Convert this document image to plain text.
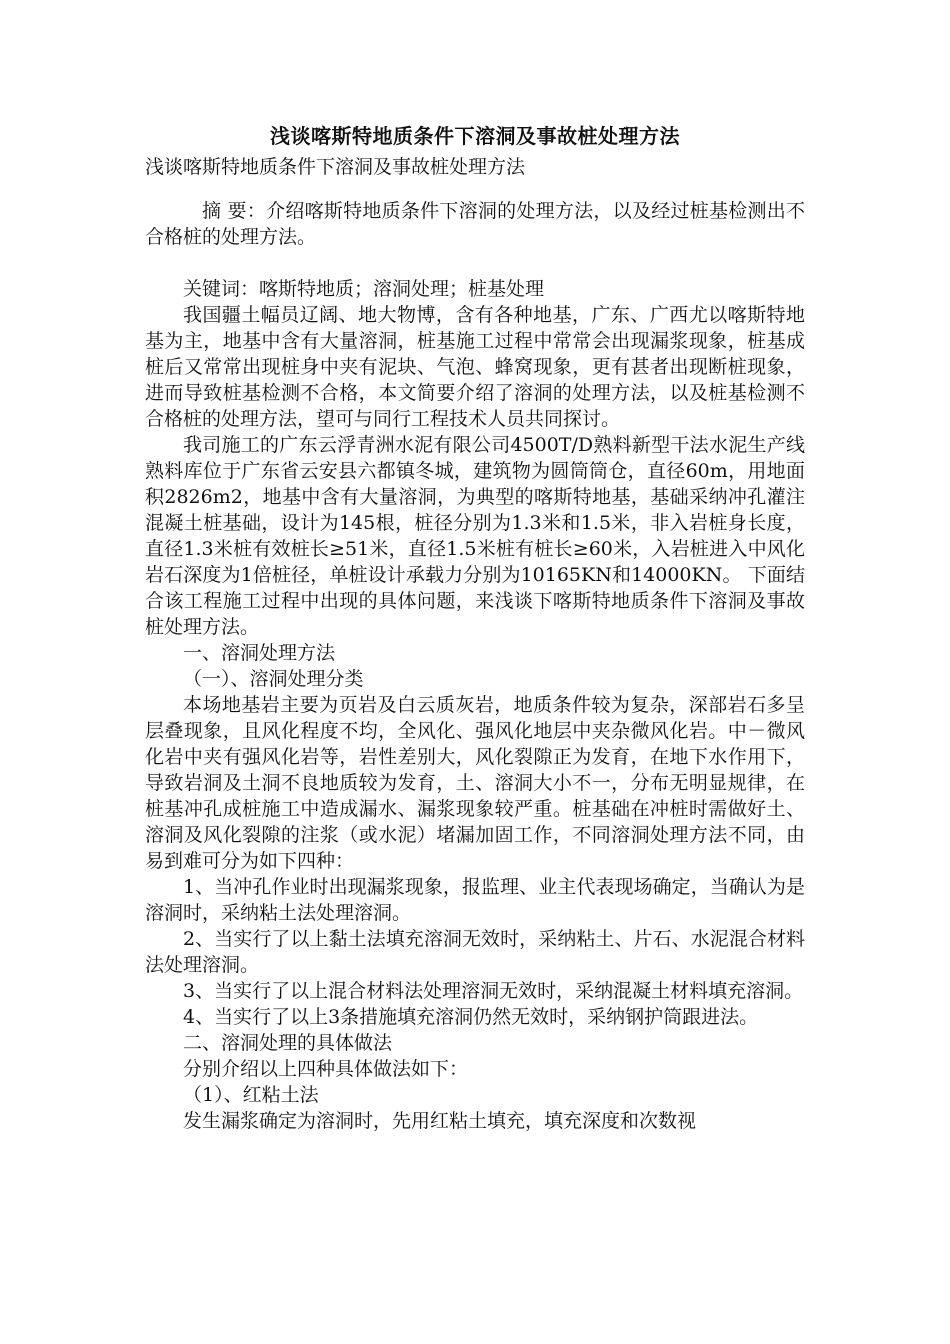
浅谈喀斯特地质条件下溶洞及事故桩处理方法

浅谈喀斯特地质条件下溶洞及事故桩处理方法

摘 要：介绍喀斯特地质条件下溶洞的处理方法，以及经过桩基检测出不合格桩的处理方法。

关键词：喀斯特地质；溶洞处理；桩基处理

我国疆土幅员辽阔、地大物博，含有各种地基，广东、广西尤以喀斯特地基为主，地基中含有大量溶洞，桩基施工过程中常常会出现漏浆现象，桩基成桩后又常常出现桩身中夹有泥块、气泡、蜂窝现象，更有甚者出现断桩现象，进而导致桩基检测不合格，本文简要介绍了溶洞的处理方法，以及桩基检测不合格桩的处理方法，望可与同行工程技术人员共同探讨。

我司施工的广东云浮青洲水泥有限公司4500T/D熟料新型干法水泥生产线熟料库位于广东省云安县六都镇冬城，建筑物为圆筒筒仓，直径60m，用地面积2826m2，地基中含有大量溶洞，为典型的喀斯特地基，基础采纳冲孔灌注混凝土桩基础，设计为145根，桩径分别为1.3米和1.5米，非入岩桩身长度，直径1.3米桩有效桩长≥51米，直径1.5米桩有桩长≥60米，入岩桩进入中风化岩石深度为1倍桩径，单桩设计承载力分别为10165KN和14000KN。 下面结合该工程施工过程中出现的具体问题，来浅谈下喀斯特地质条件下溶洞及事故桩处理方法。

一、溶洞处理方法

（一）、溶洞处理分类

本场地基岩主要为页岩及白云质灰岩，地质条件较为复杂，深部岩石多呈层叠现象，且风化程度不均，全风化、强风化地层中夹杂微风化岩。中－微风化岩中夹有强风化岩等，岩性差别大，风化裂隙正为发育，在地下水作用下，导致岩洞及土洞不良地质较为发育，土、溶洞大小不一，分布无明显规律，在桩基冲孔成桩施工中造成漏水、漏浆现象较严重。桩基础在冲桩时需做好土、溶洞及风化裂隙的注浆（或水泥）堵漏加固工作，不同溶洞处理方法不同，由易到难可分为如下四种：

1、当冲孔作业时出现漏浆现象，报监理、业主代表现场确定，当确认为是溶洞时，采纳粘土法处理溶洞。

2、当实行了以上黏土法填充溶洞无效时，采纳粘土、片石、水泥混合材料法处理溶洞。

3、当实行了以上混合材料法处理溶洞无效时，采纳混凝土材料填充溶洞。

4、当实行了以上3条措施填充溶洞仍然无效时，采纳钢护筒跟进法。

二、溶洞处理的具体做法

分别介绍以上四种具体做法如下：

（1）、红粘土法

发生漏浆确定为溶洞时，先用红粘土填充，填充深度和次数视
